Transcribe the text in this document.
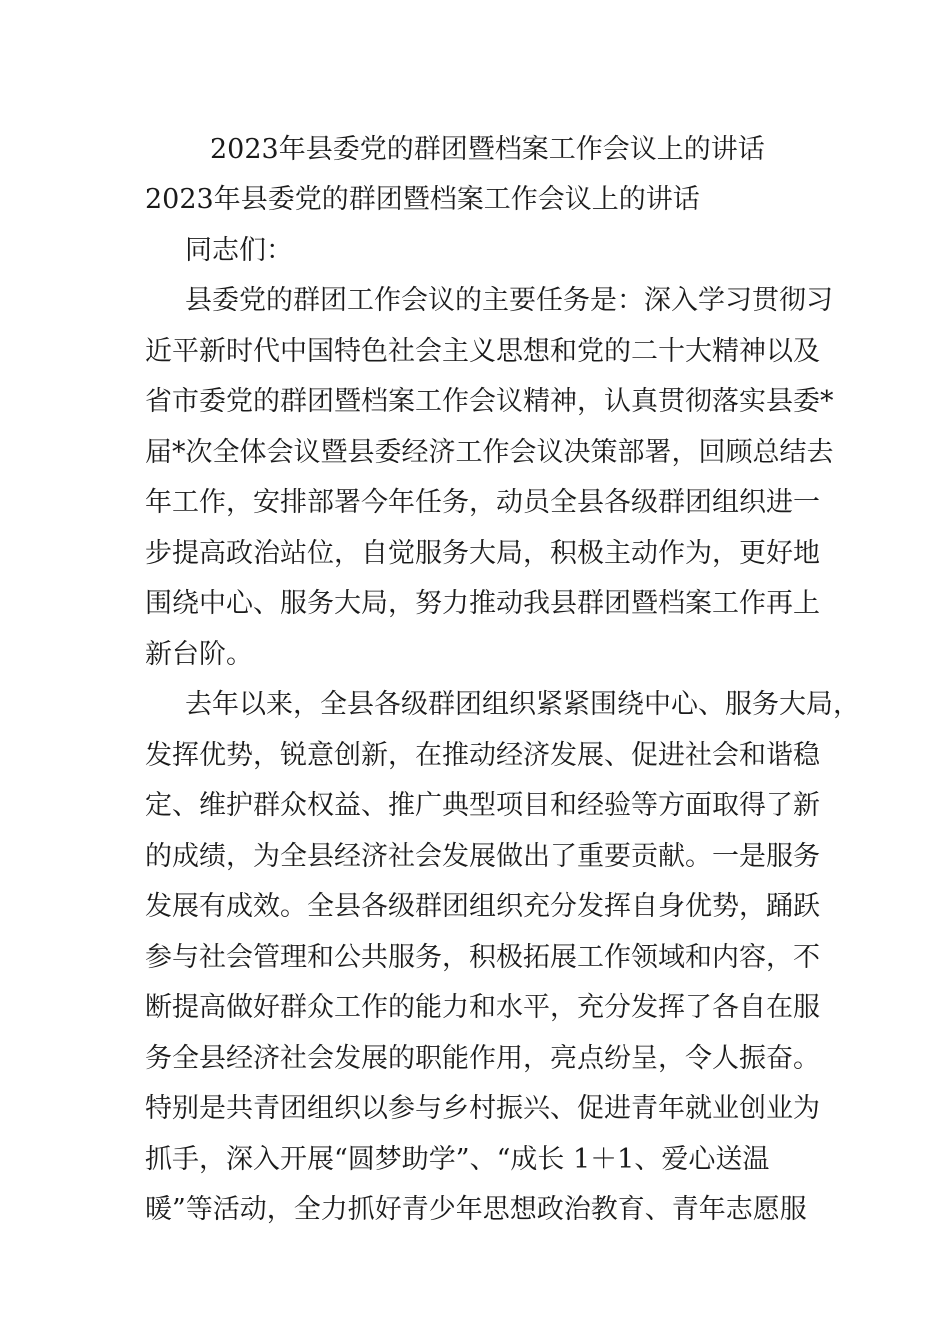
2023年县委党的群团暨档案工作会议上的讲话
2023年县委党的群团暨档案工作会议上的讲话
同志们：
县委党的群团工作会议的主要任务是：深入学习贯彻习
近平新时代中国特色社会主义思想和党的二十大精神以及
省市委党的群团暨档案工作会议精神，认真贯彻落实县委*
届*次全体会议暨县委经济工作会议决策部署，回顾总结去
年工作，安排部署今年任务，动员全县各级群团组织进一
步提高政治站位，自觉服务大局，积极主动作为，更好地
围绕中心、服务大局，努力推动我县群团暨档案工作再上
新台阶。
去年以来，全县各级群团组织紧紧围绕中心、服务大局，
发挥优势，锐意创新，在推动经济发展、促进社会和谐稳
定、维护群众权益、推广典型项目和经验等方面取得了新
的成绩，为全县经济社会发展做出了重要贡献。一是服务
发展有成效。全县各级群团组织充分发挥自身优势，踊跃
参与社会管理和公共服务，积极拓展工作领域和内容，不
断提高做好群众工作的能力和水平，充分发挥了各自在服
务全县经济社会发展的职能作用，亮点纷呈，令人振奋。
特别是共青团组织以参与乡村振兴、促进青年就业创业为
抓手，深入开展“圆梦助学”、“成长 1＋1、爱心送温
暖”等活动，全力抓好青少年思想政治教育、青年志愿服
